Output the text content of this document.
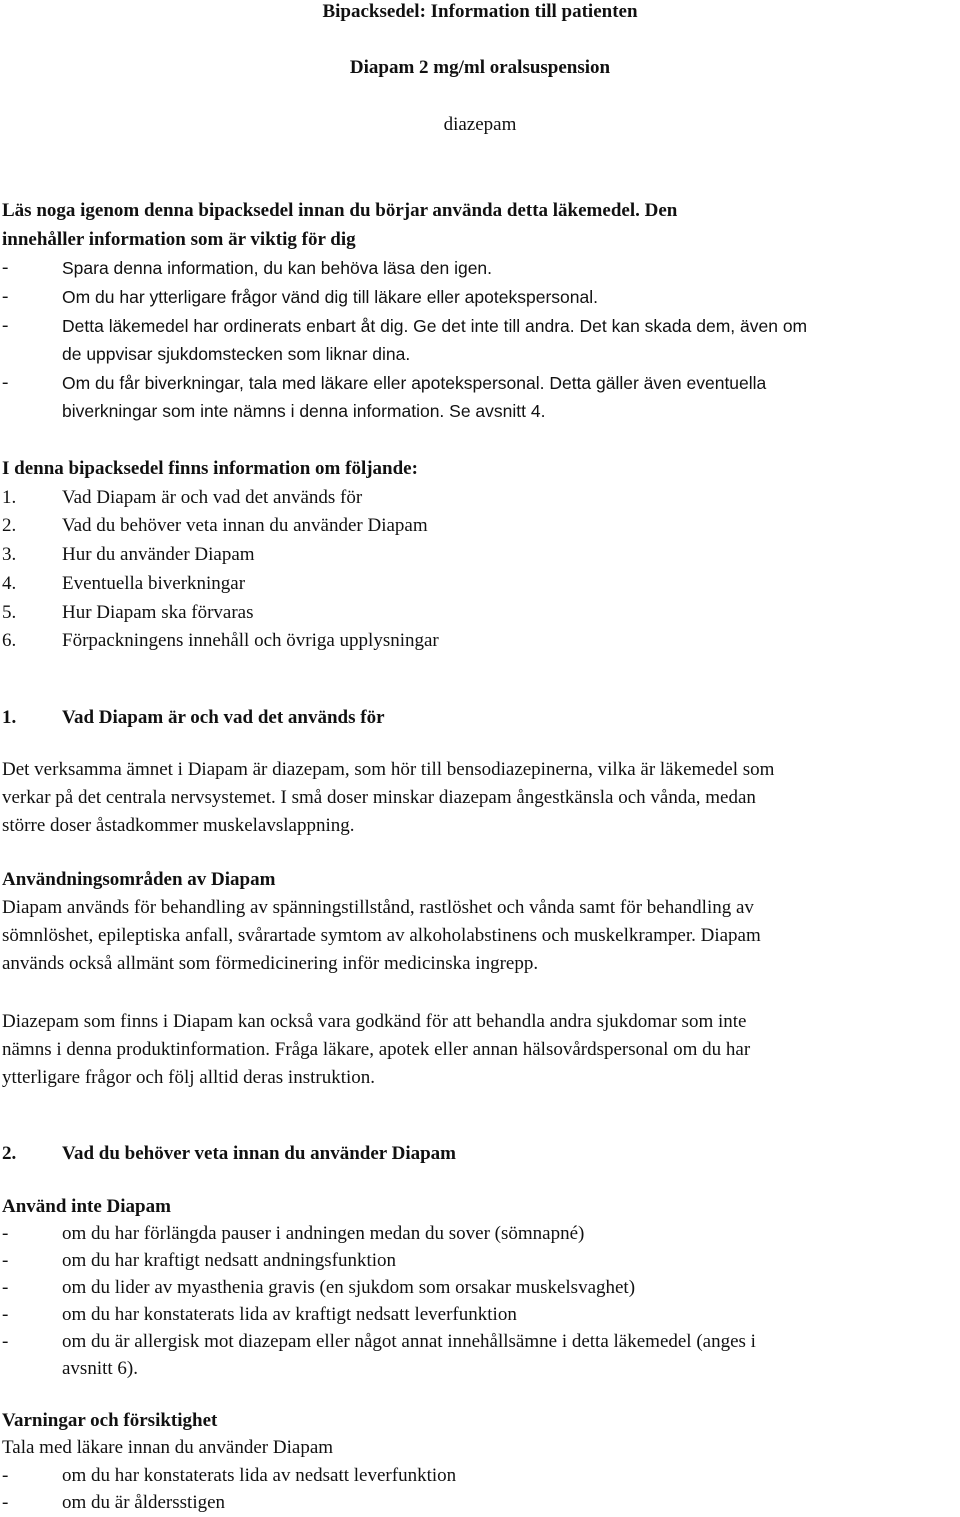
Bipacksedel: Information till patienten
Diapam 2 mg/ml oralsuspension
diazepam
Läs noga igenom denna bipacksedel innan du börjar använda detta läkemedel. Den
innehåller information som är viktig för dig
-	Spara denna information, du kan behöva läsa den igen.
-	Om du har ytterligare frågor vänd dig till läkare eller apotekspersonal.
-	Detta läkemedel har ordinerats enbart åt dig. Ge det inte till andra. Det kan skada dem, även om
de uppvisar sjukdomstecken som liknar dina.
-	Om du får biverkningar, tala med läkare eller apotekspersonal. Detta gäller även eventuella
biverkningar som inte nämns i denna information. Se avsnitt 4.
I denna bipacksedel finns information om följande:
1. Vad Diapam är och vad det används för
2. Vad du behöver veta innan du använder Diapam
3. Hur du använder Diapam
4. Eventuella biverkningar
5. Hur Diapam ska förvaras
6. Förpackningens innehåll och övriga upplysningar
1. Vad Diapam är och vad det används för
Det verksamma ämnet i Diapam är diazepam, som hör till bensodiazepinerna, vilka är läkemedel som
verkar på det centrala nervsystemet. I små doser minskar diazepam ångestkänsla och vånda, medan
större doser åstadkommer muskelavslappning.
Användningsområden av Diapam
Diapam används för behandling av spänningstillstånd, rastlöshet och vånda samt för behandling av
sömnlöshet, epileptiska anfall, svårartade symtom av alkoholabstinens och muskelkramper. Diapam
används också allmänt som förmedicinering inför medicinska ingrepp.
Diazepam som finns i Diapam kan också vara godkänd för att behandla andra sjukdomar som inte
nämns i denna produktinformation. Fråga läkare, apotek eller annan hälsovårdspersonal om du har
ytterligare frågor och följ alltid deras instruktion.
2. Vad du behöver veta innan du använder Diapam
Använd inte Diapam
-	om du har förlängda pauser i andningen medan du sover (sömnapné)
-	om du har kraftigt nedsatt andningsfunktion
-	om du lider av myasthenia gravis (en sjukdom som orsakar muskelsvaghet)
-	om du har konstaterats lida av kraftigt nedsatt leverfunktion
-	om du är allergisk mot diazepam eller något annat innehållsämne i detta läkemedel (anges i
avsnitt 6).
Varningar och försiktighet
Tala med läkare innan du använder Diapam
-	om du har konstaterats lida av nedsatt leverfunktion
-	om du är åldersstigen
